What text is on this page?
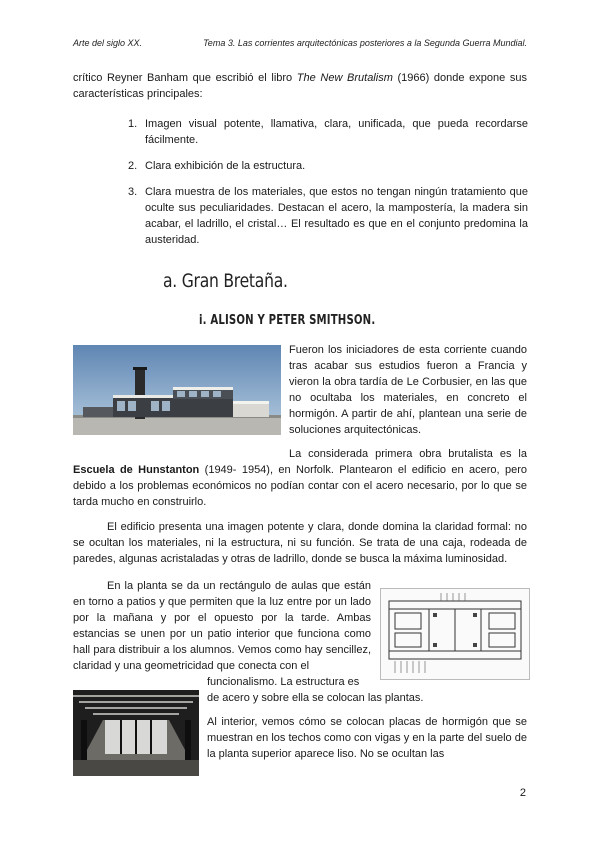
Arte del siglo XX.	Tema 3. Las corrientes arquitectónicas posteriores a la Segunda Guerra Mundial.

crítico Reyner Banham que escribió el libro The New Brutalism (1966) donde expone sus características principales:

1. Imagen visual potente, llamativa, clara, unificada, que pueda recordarse fácilmente.
2. Clara exhibición de la estructura.
3. Clara muestra de los materiales, que estos no tengan ningún tratamiento que oculte sus peculiaridades. Destacan el acero, la mampostería, la madera sin acabar, el ladrillo, el cristal… El resultado es que en el conjunto predomina la austeridad.
a. Gran Bretaña.
i. ALISON Y PETER SMITHSON.

Fueron los iniciadores de esta corriente cuando tras acabar sus estudios fueron a Francia y vieron la obra tardía de Le Corbusier, en las que no ocultaba los materiales, en concreto el hormigón. A partir de ahí, plantean una serie de soluciones arquitectónicas.

La considerada primera obra brutalista es la Escuela de Hunstanton (1949- 1954), en Norfolk. Plantearon el edificio en acero, pero debido a los problemas económicos no podían contar con el acero necesario, por lo que se tarda mucho en construirlo.

El edificio presenta una imagen potente y clara, donde domina la claridad formal: no se ocultan los materiales, ni la estructura, ni su función. Se trata de una caja, rodeada de paredes, algunas acristaladas y otras de ladrillo, donde se busca la máxima luminosidad.

En la planta se da un rectángulo de aulas que están en torno a patios y que permiten que la luz entre por un lado por la mañana y por el opuesto por la tarde. Ambas estancias se unen por un patio interior que funciona como hall para distribuir a los alumnos. Vemos como hay sencillez, claridad y una geometricidad que conecta con el

funcionalismo. La estructura es

de acero y sobre ella se colocan las plantas.

Al interior, vemos cómo se colocan placas de hormigón que se muestran en los techos como con vigas y en la parte del suelo de la planta superior aparece liso. No se ocultan las

2
